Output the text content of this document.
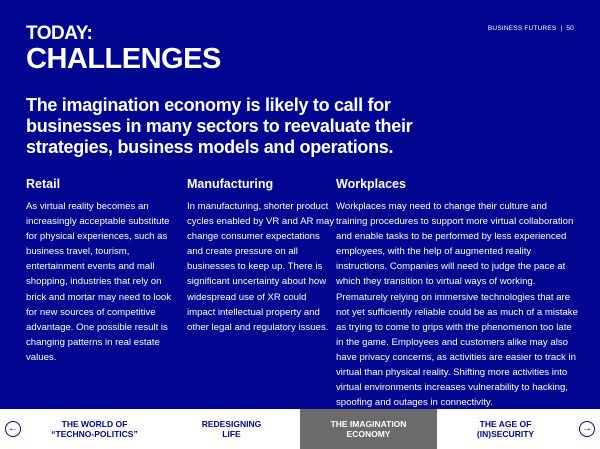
TODAY:
CHALLENGES
BUSINESS FUTURES | 50
The imagination economy is likely to call for businesses in many sectors to reevaluate their strategies, business models and operations.
Retail

As virtual reality becomes an increasingly acceptable substitute for physical experiences, such as business travel, tourism, entertainment events and mall shopping, industries that rely on brick and mortar may need to look for new sources of competitive advantage. One possible result is changing patterns in real estate values.

Manufacturing

In manufacturing, shorter product cycles enabled by VR and AR may change consumer expectations and create pressure on all businesses to keep up. There is significant uncertainty about how widespread use of XR could impact intellectual property and other legal and regulatory issues.

Workplaces

Workplaces may need to change their culture and training procedures to support more virtual collaboration and enable tasks to be performed by less experienced employees, with the help of augmented reality instructions. Companies will need to judge the pace at which they transition to virtual ways of working. Prematurely relying on immersive technologies that are not yet sufficiently reliable could be as much of a mistake as trying to come to grips with the phenomenon too late in the game. Employees and customers alike may also have privacy concerns, as activities are easier to track in virtual than physical reality. Shifting more activities into virtual environments increases vulnerability to hacking, spoofing and outages in connectivity.

←	THE WORLD OF
“TECHNO-POLITICS”
REDESIGNING
LIFE
THE IMAGINATION
ECONOMY
THE AGE OF
(IN)SECURITY	→
